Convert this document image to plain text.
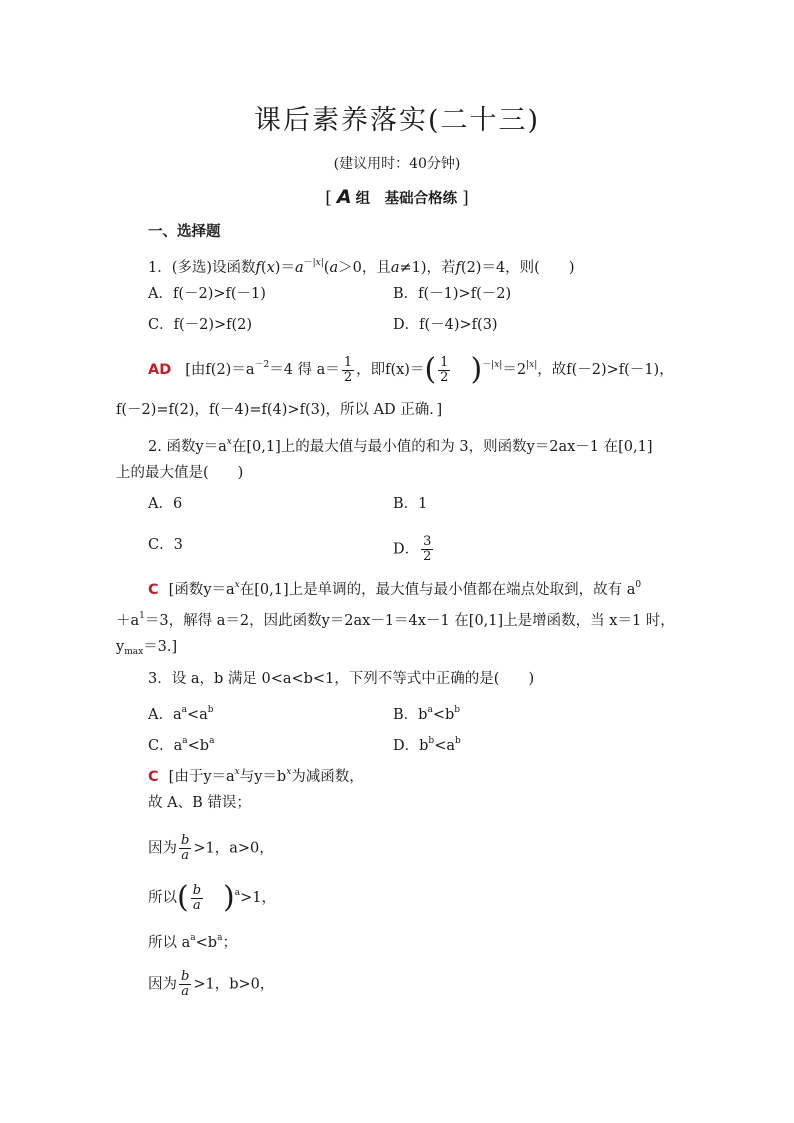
课后素养落实(二十三)
(建议用时：40分钟)
[ A 组　基础合格练 ]
一、选择题
1．(多选)设函数$f(x)=a^{-|x|}(a>0$，且a≠1)，若f(2)＝4，则(　　)
A．f(－2)>f(－1)	B．f(－1)>f(－2)
C．f(－2)>f(2)	D．f(－4)>f(3)
AD [由$f(2)=a^{-2}=4$ 得 $a= \frac{1}{2}$ ，即$f(x)=( \frac{1}{2} )^{-|x|}=2^{|x|}$，故f(－2)>f(－1)，
f(－2)=f(2)，f(－4)=f(4)>f(3)，所以 AD 正确．]
2. 函数$y=a^x$在[0,1]上的最大值与最小值的和为 3，则函数y＝2ax－1 在[0,1]
上的最大值是(　　)
A．6	B．1
C．3	D． $\frac{3}{2}$
C [函数$y=a^x$在[0,1]上是单调的，最大值与最小值都在端点处取到，故有 $a^0$
$+a^1=3$，解得 a＝2，因此函数y＝2ax－1＝4x－1 在[0,1]上是增函数，当 x＝1 时，
$y_{max}=3$.]
3．设 a，b 满足 0<a<b<1，下列不等式中正确的是(　　)
A．$a^a<a^b$	B．$b^a<b^b$
C．$a^a<b^a$	D．$b^b<a^b$
C [由于$y=a^x$与$y=b^x$为减函数，
故 A、B 错误；
因为 $\frac{b}{a} >1$，a>0，
所以( $\frac{b}{a} )^a>1$，
所以 $a^a<b^a$；
因为 $\frac{b}{a} >1$，b>0，
